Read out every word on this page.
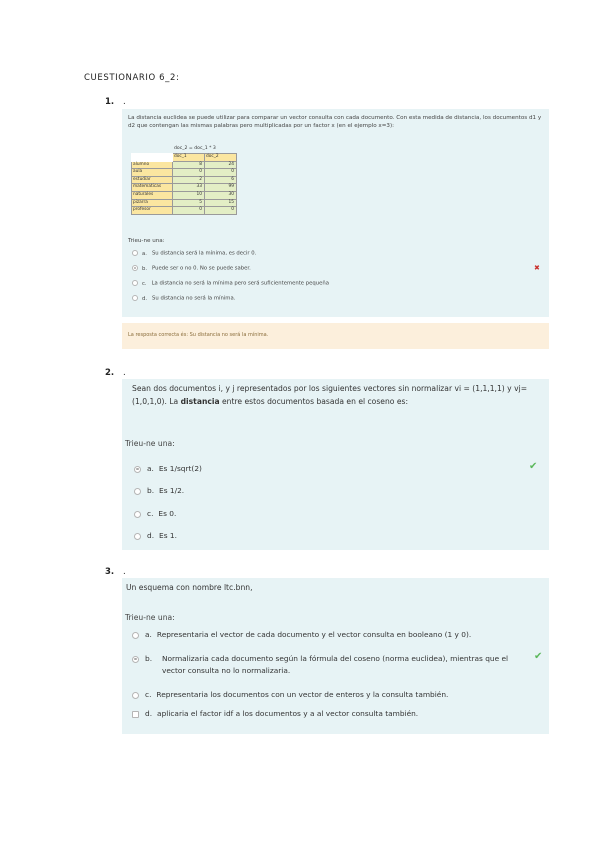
CUESTIONARIO 6_2:
1. .
La distancia euclidea se puede utilizar para comparar un vector consulta con cada documento. Con esta medida de distancia, los documentos d1 y d2 que contengan las mismas palabras pero multiplicadas por un factor x (en el ejemplo x=3):
doc_2 = doc_1 * 3
	doc_1	doc_2
alumno	8	24
aula	0	0
estudiar	2	6
matematicas	33	99
naturales	10	30
pizarra	5	15
profesor	0	0
Trieu-ne una:
a. Su distancia será la mínima, es decir 0.
b. Puede ser o no 0. No se puede saber.
c. La distancia no será la mínima pero será suficientemente pequeña
d. Su distancia no será la mínima.
✖
La resposta correcta és: Su distancia no será la mínima.
2. .
Sean dos documentos i, y j representados por los siguientes vectores sin normalizar vi = (1,1,1,1) y vj=(1,0,1,0). La distancia entre estos documentos basada en el coseno es:
Trieu-ne una:
a. Es 1/sqrt(2)
b. Es 1/2.
c. Es 0.
d. Es 1.
✔
3. .
Un esquema con nombre ltc.bnn,
Trieu-ne una:
a. Representaria el vector de cada documento y el vector consulta en booleano (1 y 0).
b.	Normalizaria cada documento según la fórmula del coseno (norma euclidea), mientras que el vector consulta no lo normalizaria.
c. Representaria los documentos con un vector de enteros y la consulta también.
d. aplicaria el factor idf a los documentos y a al vector consulta también.
✔
